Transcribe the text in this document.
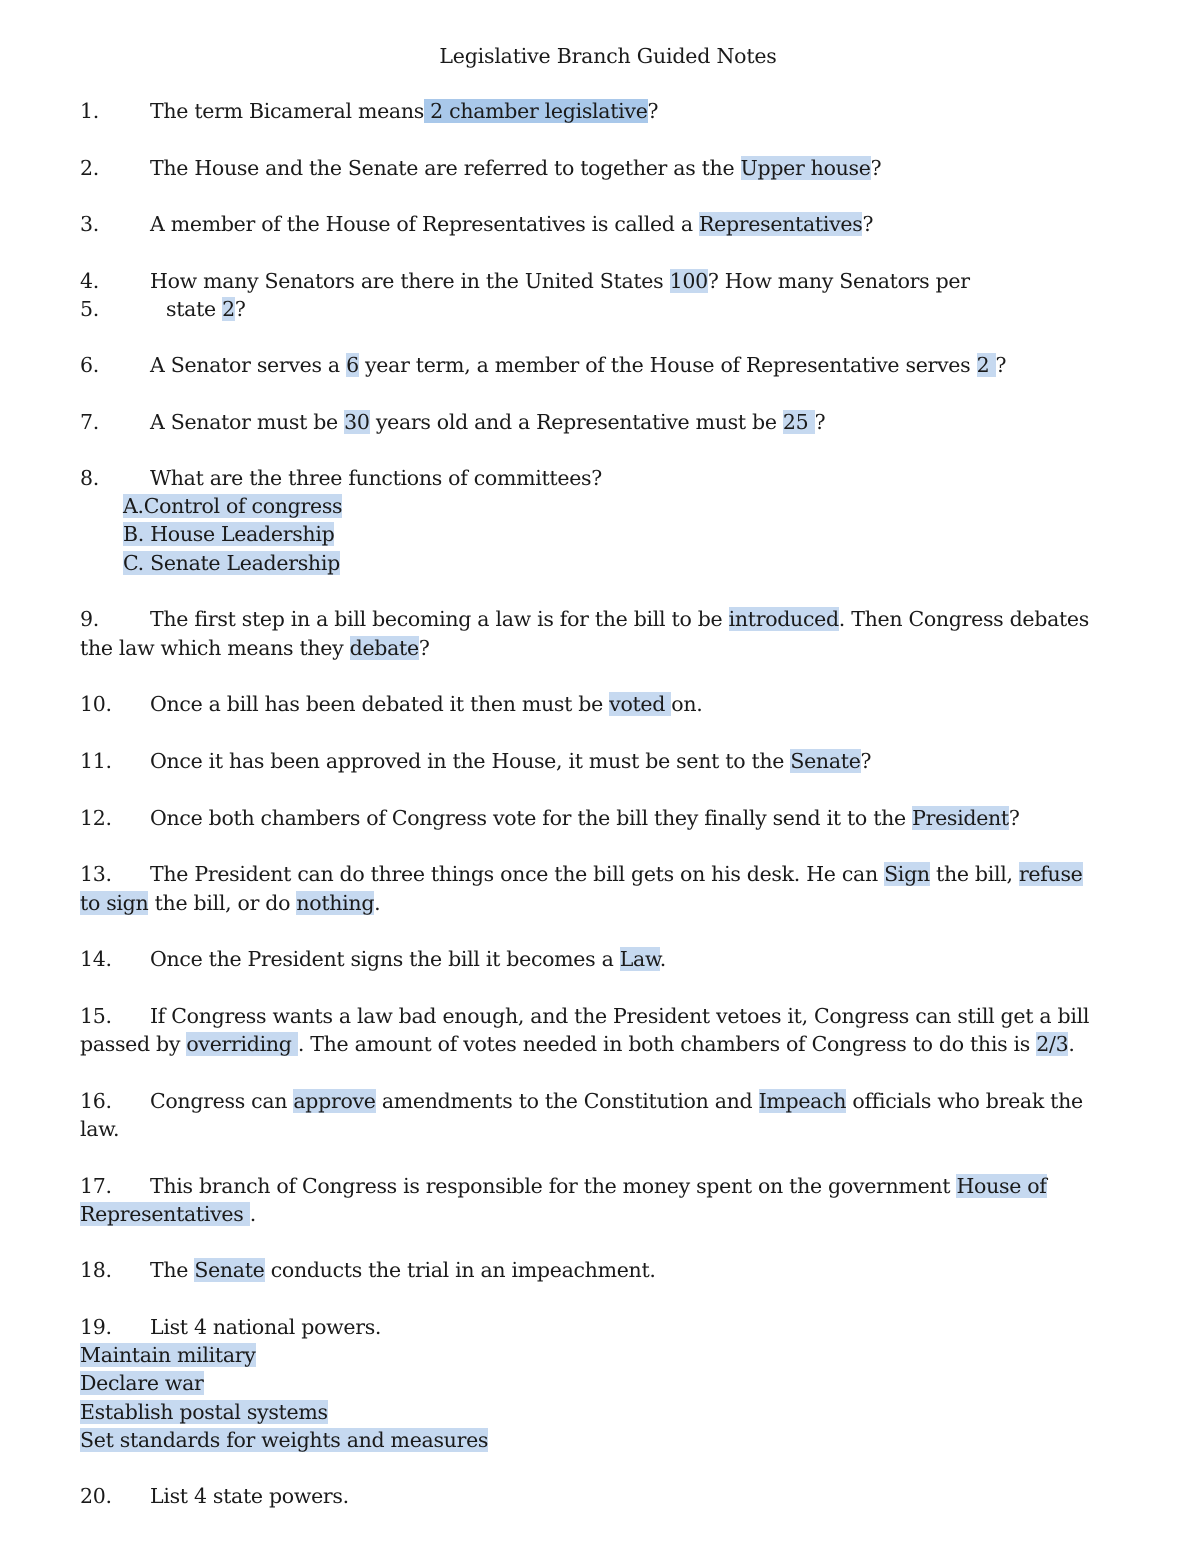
Legislative Branch Guided Notes
1. The term Bicameral means 2 chamber legislative?
2. The House and the Senate are referred to together as the Upper house?
3. A member of the House of Representatives is called a Representatives?
4. How many Senators are there in the United States 100? How many Senators per
5.	state 2?
6. A Senator serves a 6 year term, a member of the House of Representative serves 2 ?
7. A Senator must be 30 years old and a Representative must be 25 ?
8. What are the three functions of committees?
A.Control of congress
B. House Leadership
C. Senate Leadership
9. The first step in a bill becoming a law is for the bill to be introduced. Then Congress debates
the law which means they debate?
10. Once a bill has been debated it then must be voted on.
11. Once it has been approved in the House, it must be sent to the Senate?
12. Once both chambers of Congress vote for the bill they finally send it to the President?
13. The President can do three things once the bill gets on his desk. He can Sign the bill, refuse
to sign the bill, or do nothing.
14. Once the President signs the bill it becomes a Law.
15. If Congress wants a law bad enough, and the President vetoes it, Congress can still get a bill
passed by overriding . The amount of votes needed in both chambers of Congress to do this is 2/3.
16. Congress can approve amendments to the Constitution and Impeach officials who break the
law.
17. This branch of Congress is responsible for the money spent on the government House of
Representatives .
18. The Senate conducts the trial in an impeachment.
19. List 4 national powers.
Maintain military
Declare war
Establish postal systems
Set standards for weights and measures
20. List 4 state powers.
